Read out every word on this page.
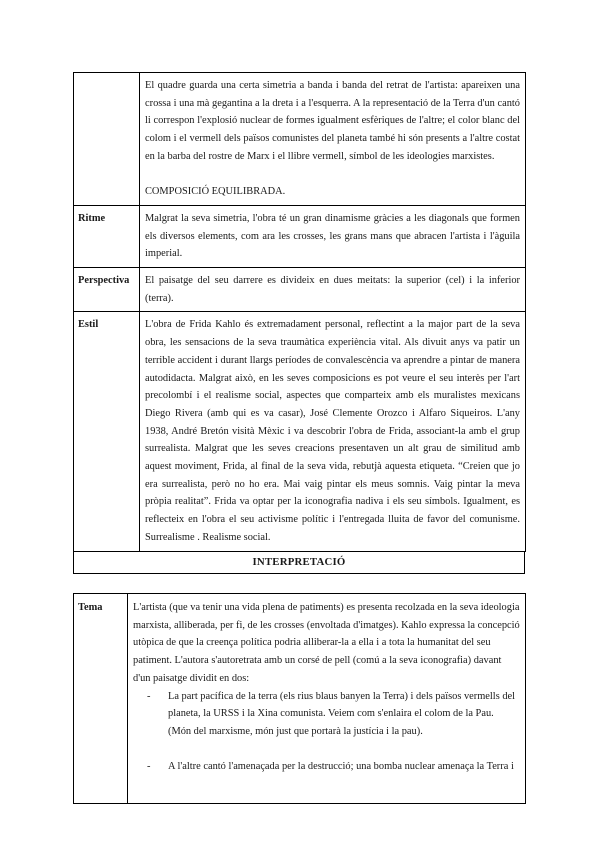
	El quadre guarda una certa simetria a banda i banda del retrat de l'artista: apareixen una crossa i una mà gegantina a la dreta i a l'esquerra. A la representació de la Terra d'un cantó li correspon l'explosió nuclear de formes igualment esfèriques de l'altre; el color blanc del colom i el vermell dels països comunistes del planeta també hi són presents a l'altre costat en la barba del rostre de Marx i el llibre vermell, símbol de les ideologies marxistes.
COMPOSICIÓ EQUILIBRADA.

Ritme	Malgrat la seva simetria, l'obra té un gran dinamisme gràcies a les diagonals que formen els diversos elements, com ara les crosses, les grans mans que abracen l'artista i l'àguila imperial.
Perspectiva	El paisatge del seu darrere es divideix en dues meitats: la superior (cel) i la inferior (terra).
Estil	L'obra de Frida Kahlo és extremadament personal, reflectint a la major part de la seva obra, les sensacions de la seva traumàtica experiència vital. Als divuit anys va patir un terrible accident i durant llargs períodes de convalescència va aprendre a pintar de manera autodidacta. Malgrat això, en les seves composicions es pot veure el seu interès per l'art precolombí i el realisme social, aspectes que comparteix amb els muralistes mexicans Diego Rivera (amb qui es va casar), José Clemente Orozco i Alfaro Siqueiros. L'any 1938, André Bretón visità Mèxic i va descobrir l'obra de Frida, associant-la amb el grup surrealista. Malgrat que les seves creacions presentaven un alt grau de similitud amb aquest moviment, Frida, al final de la seva vida, rebutjà aquesta etiqueta. “Creien que jo era surrealista, però no ho era. Mai vaig pintar els meus somnis. Vaig pintar la meva pròpia realitat”. Frida va optar per la iconografia nadiva i els seu símbols. Igualment, es reflecteix en l'obra el seu activisme polític i l'entregada lluita de favor del comunisme. Surrealisme . Realisme social.
INTERPRETACIÓ
Tema	L'artista (que va tenir una vida plena de patiments) es presenta recolzada en la seva ideologia marxista, alliberada, per fi, de les crosses (envoltada d'imatges). Kahlo expressa la concepció utòpica de que la creença política podria alliberar-la a ella i a tota la humanitat del seu patiment. L'autora s'autoretrata amb un corsé de pell (comú a la seva iconografia) davant d'un paisatge dividit en dos:
- La part pacífica de la terra (els rius blaus banyen la Terra) i dels països vermells del planeta, la URSS i la Xina comunista. Veiem com s'enlaira el colom de la Pau.
(Món del marxisme, món just que portarà la justícia i la pau).
- A l'altre cantó l'amenaçada per la destrucció; una bomba nuclear amenaça la Terra i
